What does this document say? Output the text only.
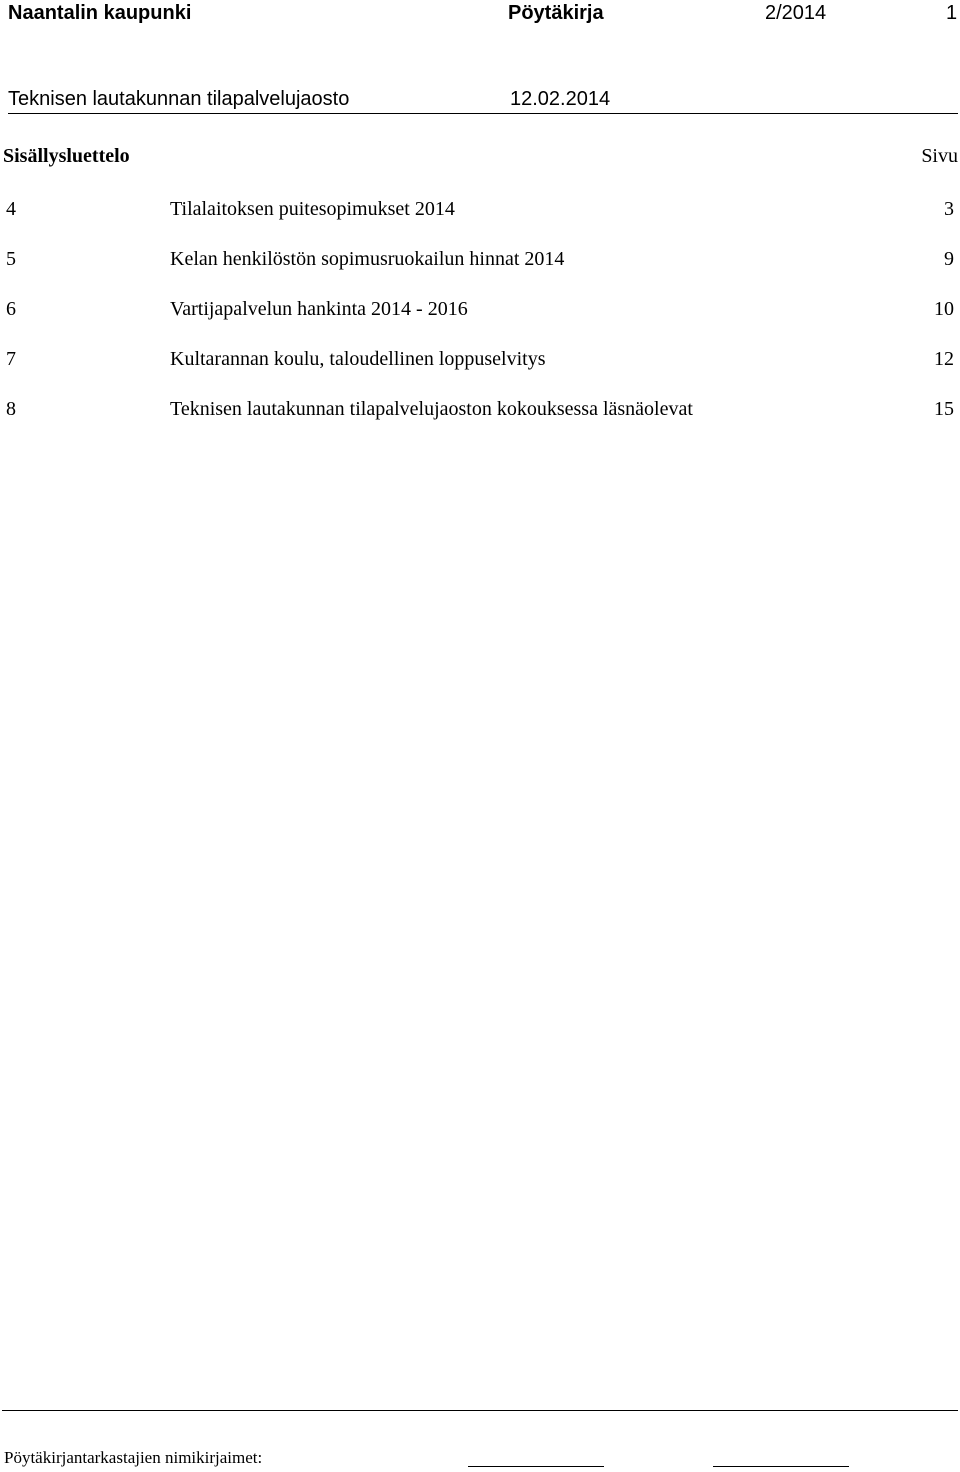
Naantalin kaupunki	Pöytäkirja	2/2014	1
Teknisen lautakunnan tilapalvelujaosto	12.02.2014
Sisällysluettelo	Sivu
4	Tilalaitoksen puitesopimukset 2014	3
5	Kelan henkilöstön sopimusruokailun hinnat 2014	9
6	Vartijapalvelun hankinta 2014 - 2016	10
7	Kultarannan koulu, taloudellinen loppuselvitys	12
8	Teknisen lautakunnan tilapalvelujaoston kokouksessa läsnäolevat	15
Pöytäkirjantarkastajien nimikirjaimet:
